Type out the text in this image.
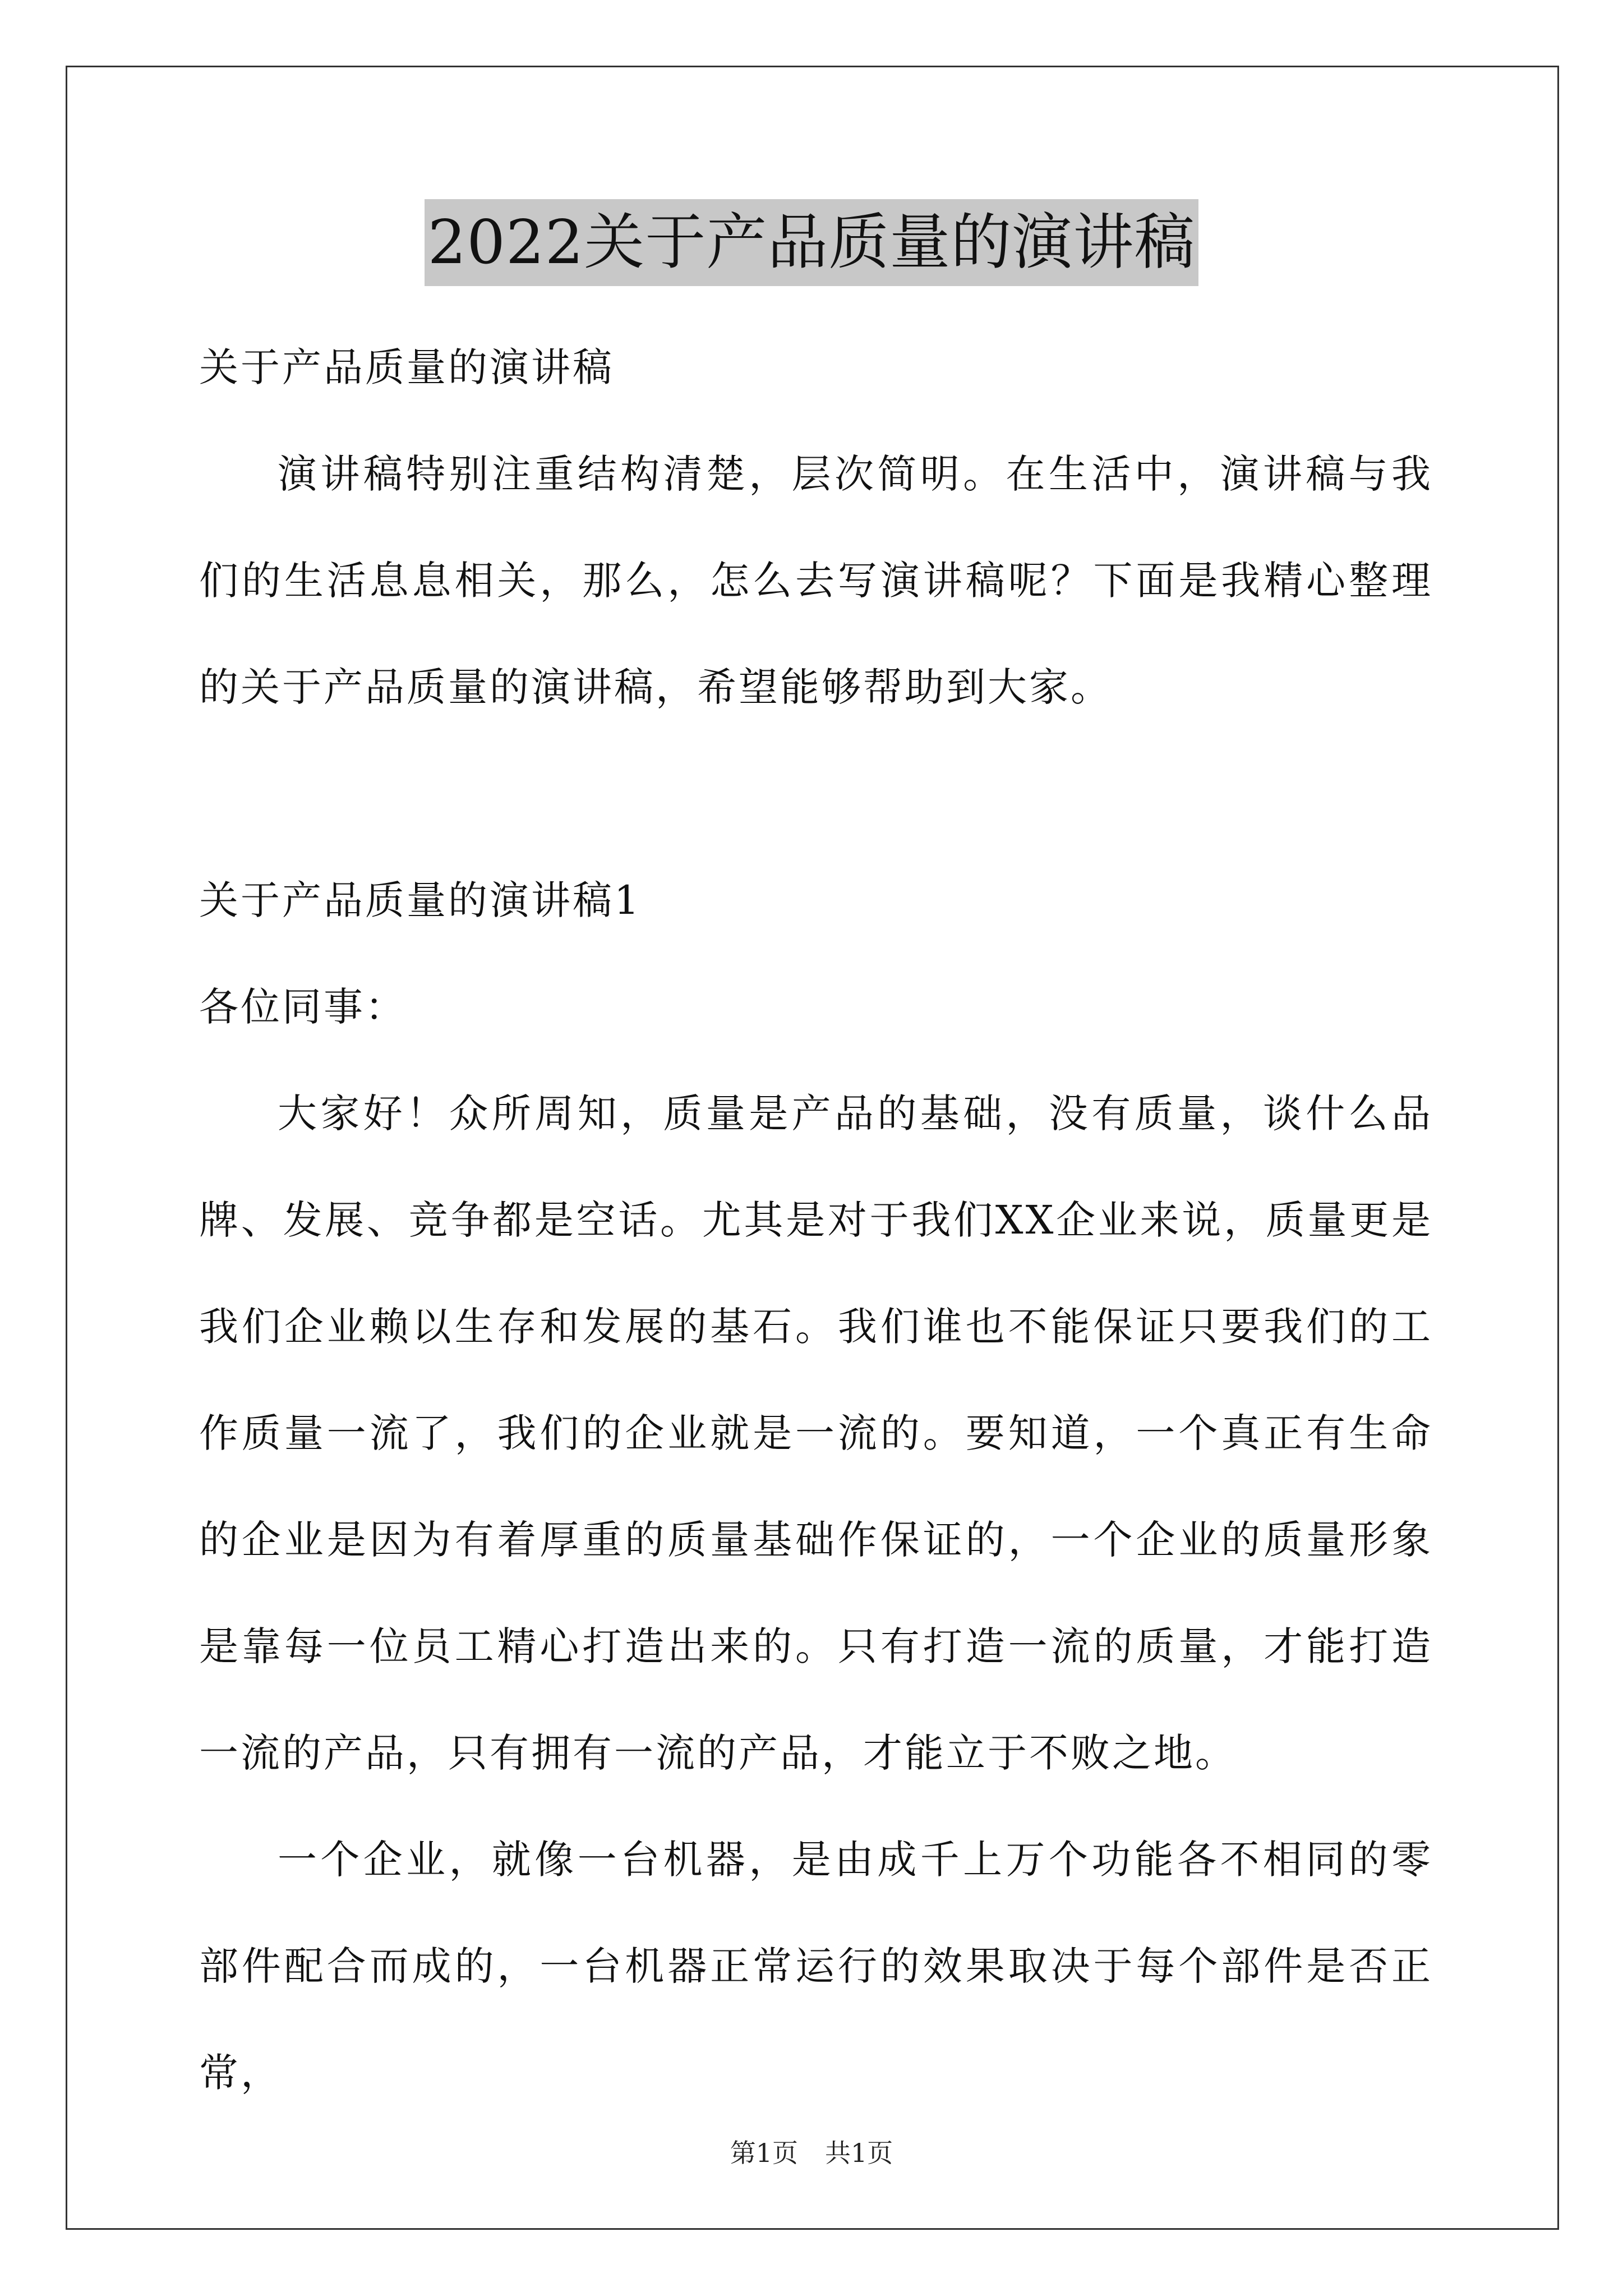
2022关于产品质量的演讲稿

关于产品质量的演讲稿

演讲稿特别注重结构清楚，层次简明。在生活中，演讲稿与我们的生活息息相关，那么，怎么去写演讲稿呢？下面是我精心整理的关于产品质量的演讲稿，希望能够帮助到大家。

关于产品质量的演讲稿1

各位同事：

大家好！众所周知，质量是产品的基础，没有质量，谈什么品牌、发展、竞争都是空话。尤其是对于我们XX企业来说，质量更是我们企业赖以生存和发展的基石。我们谁也不能保证只要我们的工作质量一流了，我们的企业就是一流的。要知道，一个真正有生命的企业是因为有着厚重的质量基础作保证的，一个企业的质量形象是靠每一位员工精心打造出来的。只有打造一流的质量，才能打造一流的产品，只有拥有一流的产品，才能立于不败之地。

一个企业，就像一台机器，是由成千上万个功能各不相同的零部件配合而成的，一台机器正常运行的效果取决于每个部件是否正常，

第1页 共1页
